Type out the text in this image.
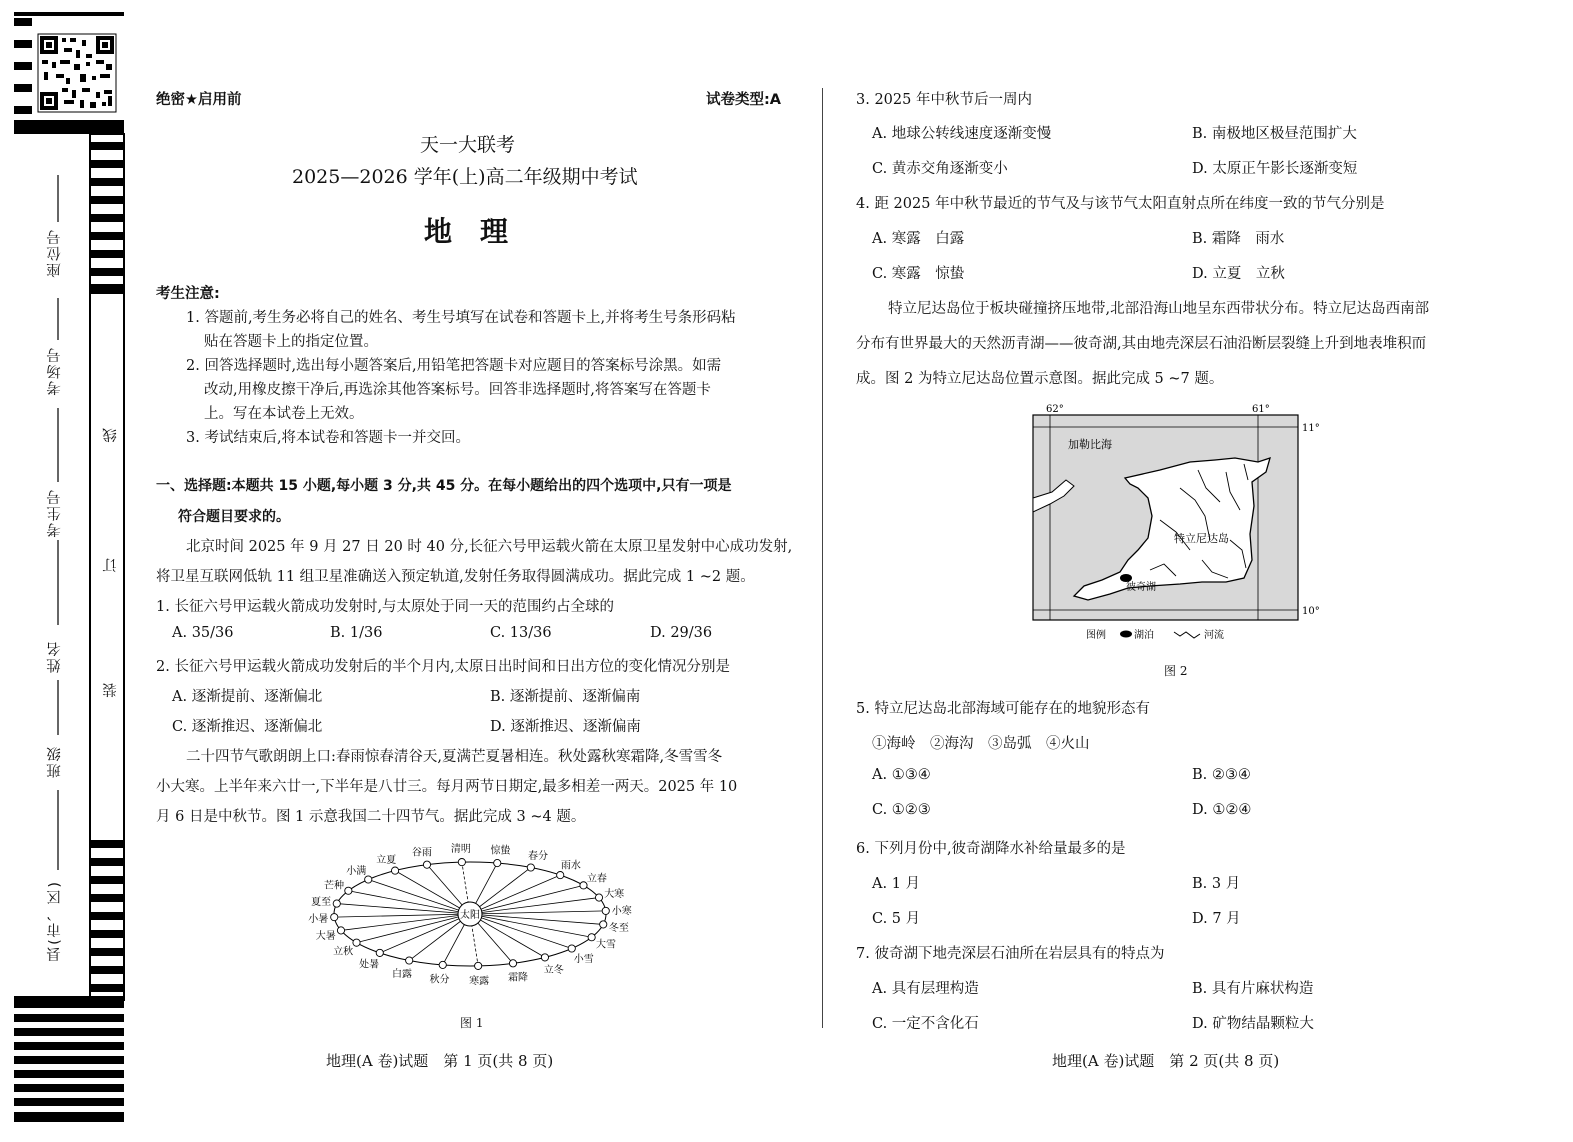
座位号
考场号
考生号
姓名
班级
县(市、区)
线
订
装
绝密★启用前	试卷类型:A
天一大联考
2025—2026 学年(上)高二年级期中考试
地　理
考生注意:
1. 答题前,考生务必将自己的姓名、考生号填写在试卷和答题卡上,并将考生号条形码粘
贴在答题卡上的指定位置。
2. 回答选择题时,选出每小题答案后,用铅笔把答题卡对应题目的答案标号涂黑。如需
改动,用橡皮擦干净后,再选涂其他答案标号。回答非选择题时,将答案写在答题卡
上。写在本试卷上无效。
3. 考试结束后,将本试卷和答题卡一并交回。
一、选择题:本题共 15 小题,每小题 3 分,共 45 分。在每小题给出的四个选项中,只有一项是
符合题目要求的。
北京时间 2025 年 9 月 27 日 20 时 40 分,长征六号甲运载火箭在太原卫星发射中心成功发射,
将卫星互联网低轨 11 组卫星准确送入预定轨道,发射任务取得圆满成功。据此完成 1 ~2 题。
1. 长征六号甲运载火箭成功发射时,与太原处于同一天的范围约占全球的
A. 35/36	B. 1/36	C. 13/36	D. 29/36
2. 长征六号甲运载火箭成功发射后的半个月内,太原日出时间和日出方位的变化情况分别是
A. 逐渐提前、逐渐偏北	B. 逐渐提前、逐渐偏南
C. 逐渐推迟、逐渐偏北	D. 逐渐推迟、逐渐偏南
二十四节气歌朗朗上口:春雨惊春清谷天,夏满芒夏暑相连。秋处露秋寒霜降,冬雪雪冬
小大寒。上半年来六廿一,下半年是八廿三。每月两节日期定,最多相差一两天。2025 年 10
月 6 日是中秋节。图 1 示意我国二十四节气。据此完成 3 ~4 题。
清明 惊蛰
春分
雨水
立春
大寒
小寒
冬至
大雪
小雪
立冬
霜降
寒露
秋分
白露
处暑
立秋
大暑
小暑
夏至
芒种
小满
立夏
谷雨
太阳
图 1
地理(A 卷)试题　第 1 页(共 8 页)
3. 2025 年中秋节后一周内
A. 地球公转线速度逐渐变慢	B. 南极地区极昼范围扩大
C. 黄赤交角逐渐变小	D. 太原正午影长逐渐变短
4. 距 2025 年中秋节最近的节气及与该节气太阳直射点所在纬度一致的节气分别是
A. 寒露　白露	B. 霜降　雨水
C. 寒露　惊蛰	D. 立夏　立秋
特立尼达岛位于板块碰撞挤压地带,北部沿海山地呈东西带状分布。特立尼达岛西南部
分布有世界最大的天然沥青湖——彼奇湖,其由地壳深层石油沿断层裂缝上升到地表堆积而
成。图 2 为特立尼达岛位置示意图。据此完成 5 ~7 题。
62°	61°
11°
10°
加勒比海
特立尼达岛
彼奇湖
图例	湖泊	河流
图 2
5. 特立尼达岛北部海域可能存在的地貌形态有
①海岭　②海沟　③岛弧　④火山
A. ①③④	B. ②③④
C. ①②③	D. ①②④
6. 下列月份中,彼奇湖降水补给量最多的是
A. 1 月	B. 3 月
C. 5 月	D. 7 月
7. 彼奇湖下地壳深层石油所在岩层具有的特点为
A. 具有层理构造	B. 具有片麻状构造
C. 一定不含化石	D. 矿物结晶颗粒大
地理(A 卷)试题　第 2 页(共 8 页)
